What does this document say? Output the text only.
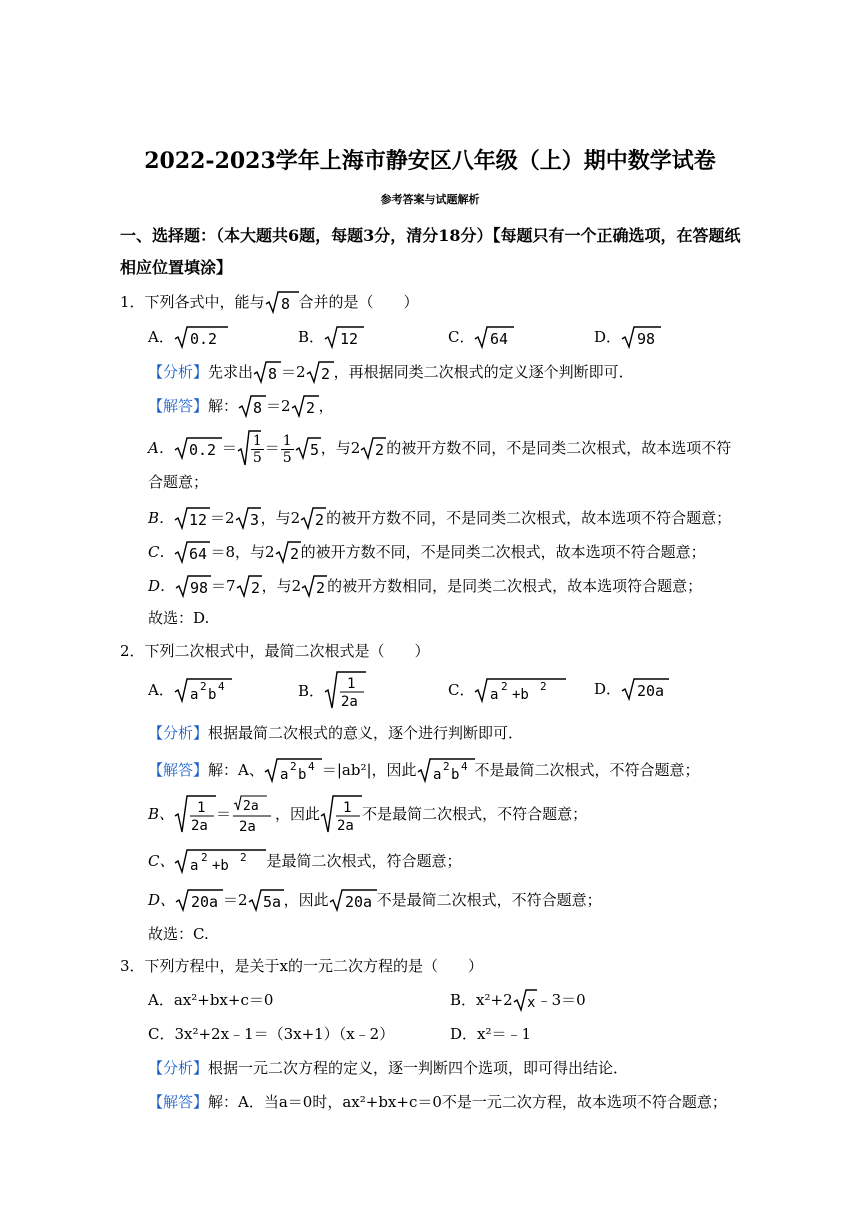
2022-2023学年上海市静安区八年级（上）期中数学试卷
参考答案与试题解析
一、选择题：（本大题共6题，每题3分，清分18分）【每题只有一个正确选项，在答题纸
相应位置填涂】
1．下列各式中，能与 8 合并的是（　　）
A． 0.2	B． 12	C． 64	D． 98
【分析】先求出 8 ＝2 2 ，再根据同类二次根式的定义逐个判断即可．
【解答】解： 8 ＝2 2 ，
A． $0.2 = \frac{1}{5} = \frac{1}{5} 5$ ，与2 2 的被开方数不同，不是同类二次根式，故本选项不符
合题意；
B． 12 ＝2 3 ，与2 2 的被开方数不同，不是同类二次根式，故本选项不符合题意；
C． 64 ＝8，与2 2 的被开方数不同，不是同类二次根式，故本选项不符合题意；
D． 98 ＝7 2 ，与2 2 的被开方数相同，是同类二次根式，故本选项符合题意；
故选：D.
2．下列二次根式中，最简二次根式是（　　）
A． a
2
b
4	B． 1
2a
C． a
2
+b
2	D． 20a
【分析】根据最简二次根式的意义，逐个进行判断即可．
【解答】解：A、 a
2
b
4 ＝|ab²|，因此 a
2
b
4 不是最简二次根式，不符合题意；
B、 1
2a
＝ 2a
2a
，因此 1
2a
不是最简二次根式，不符合题意；
C、 a
2
+b
2 是最简二次根式，符合题意；
D、 20a ＝2 5a ，因此 20a 不是最简二次根式，不符合题意；
故选：C.
3．下列方程中，是关于x的一元二次方程的是（　　）
A．ax²+bx+c＝0	B．x²+2 x ﹣3＝0
C．3x²+2x﹣1＝（3x+1）（x﹣2）	D．x²＝﹣1
【分析】根据一元二次方程的定义，逐一判断四个选项，即可得出结论．
【解答】解：A．当a＝0时，ax²+bx+c＝0不是一元二次方程，故本选项不符合题意；
